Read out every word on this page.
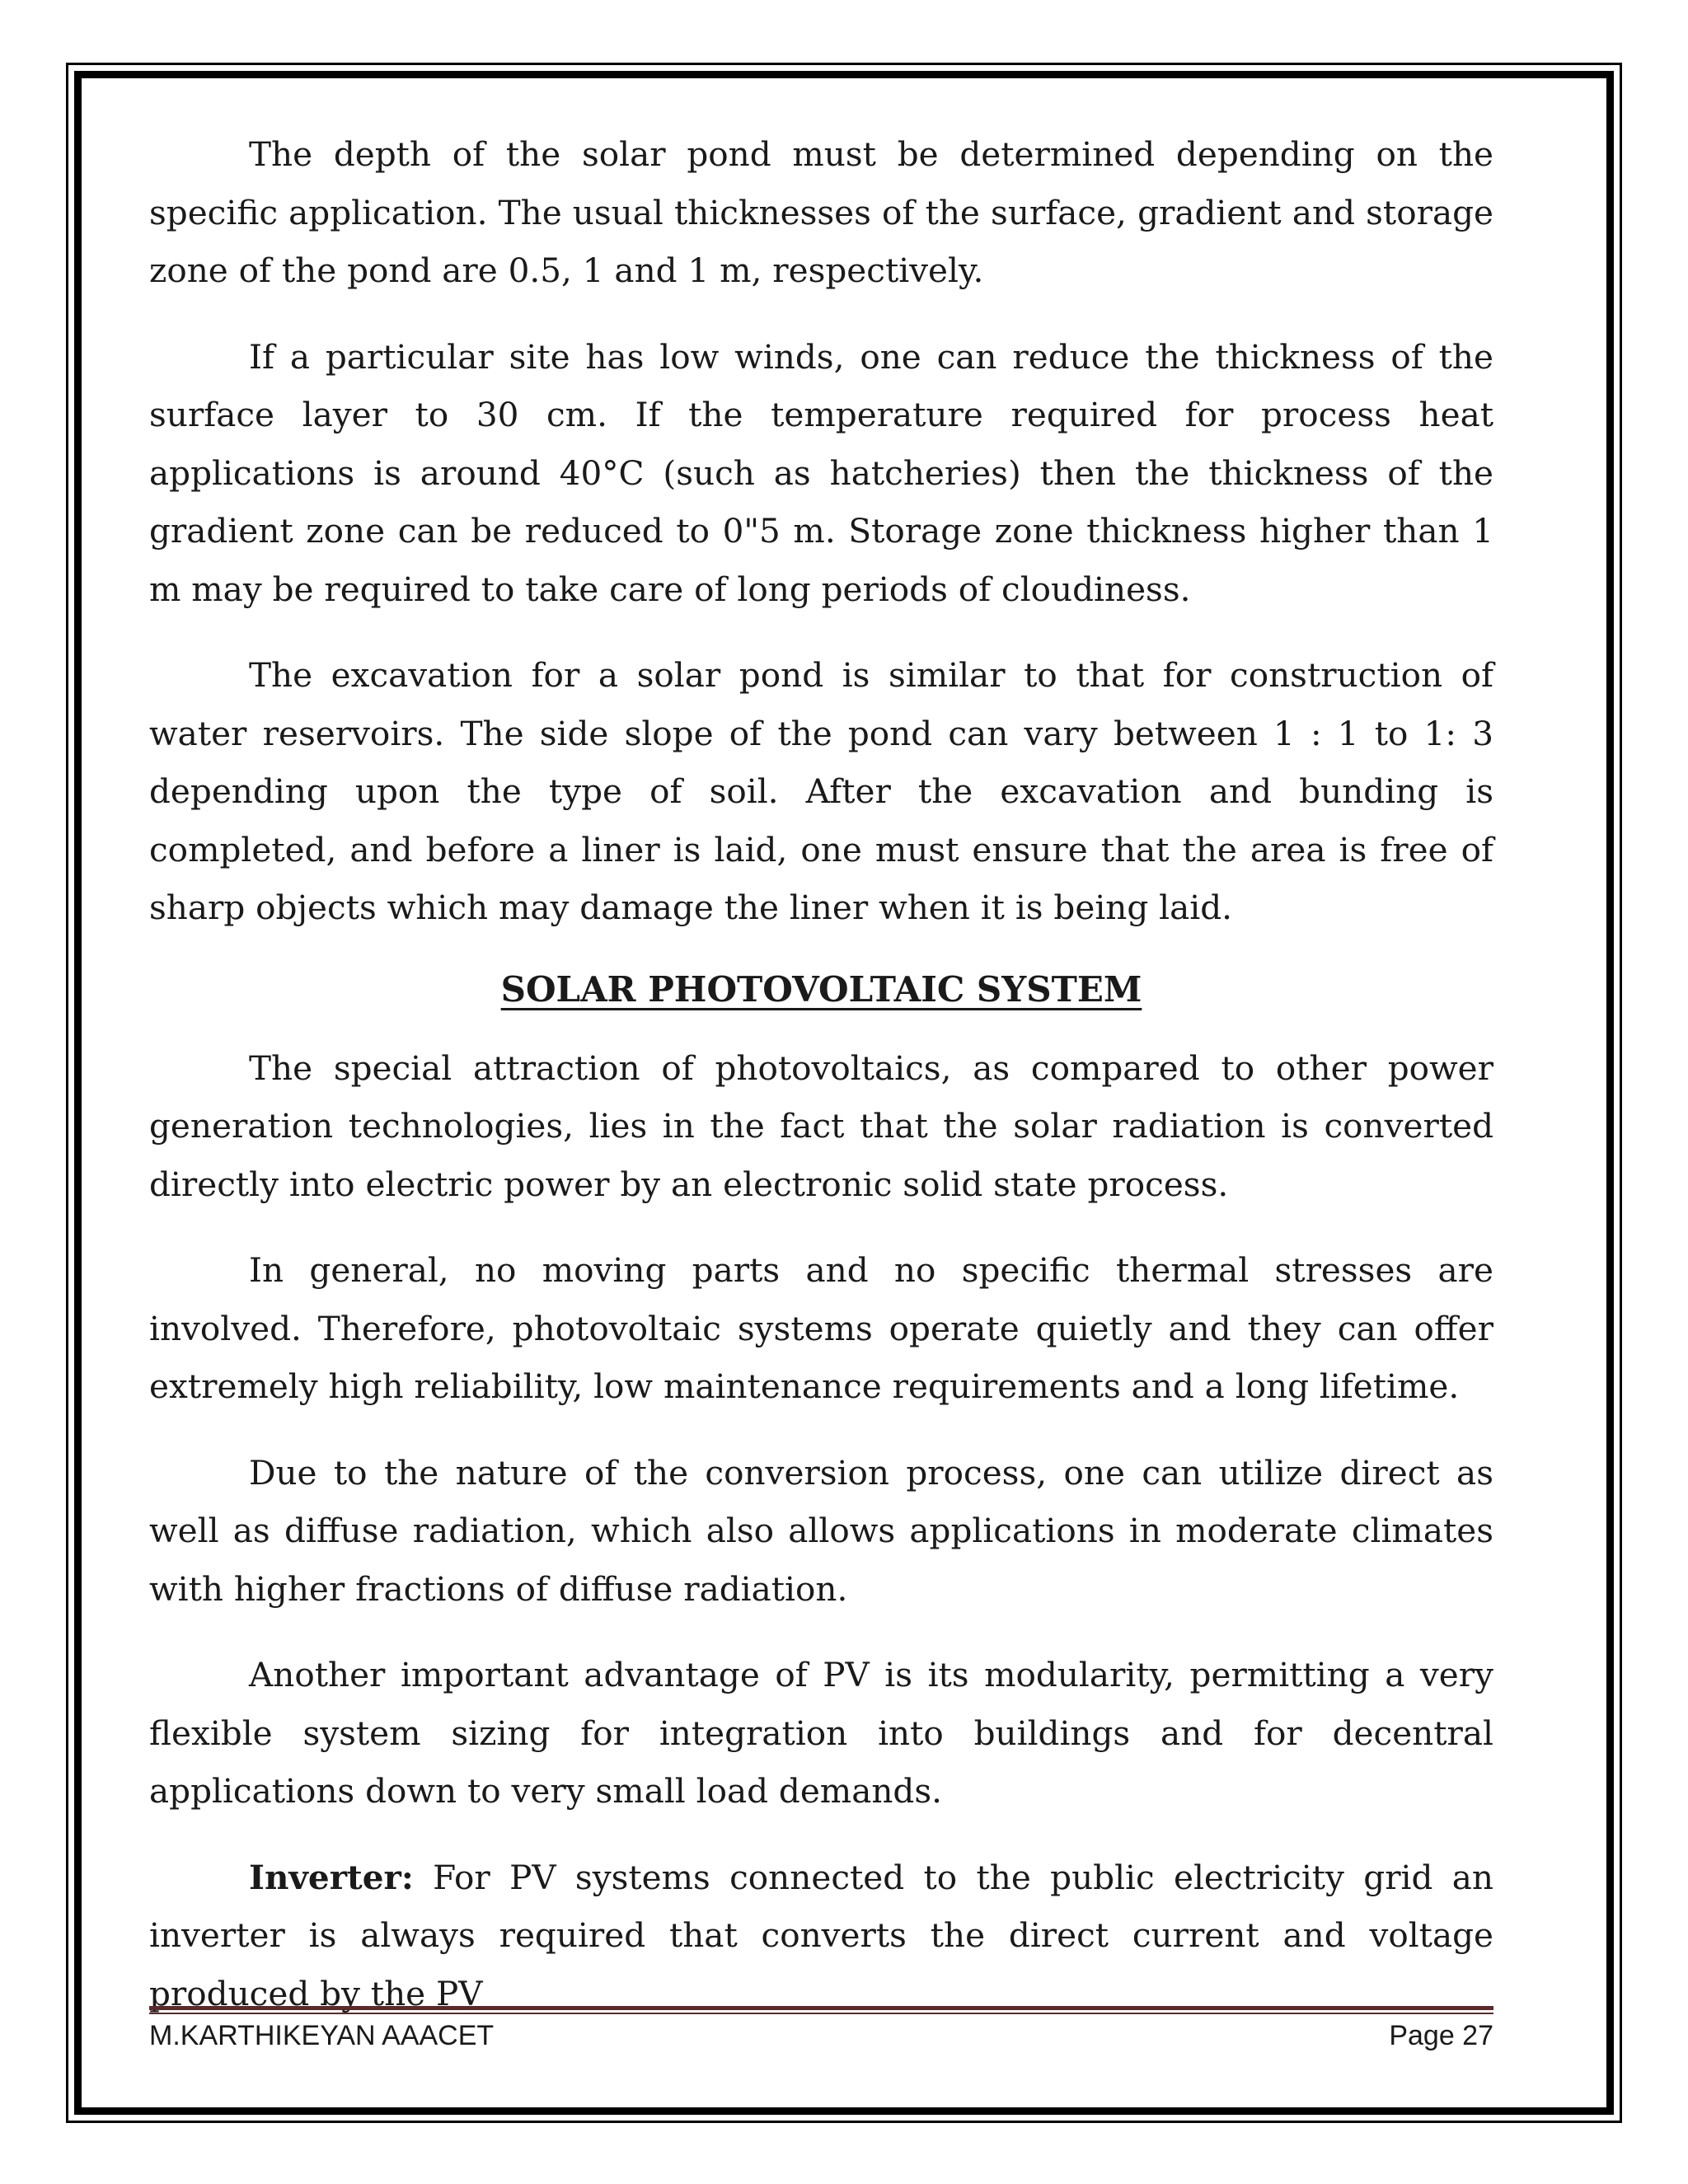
The depth of the solar pond must be determined depending on the specific application. The usual thicknesses of the surface, gradient and storage zone of the pond are 0.5, 1 and 1 m, respectively.

If a particular site has low winds, one can reduce the thickness of the surface layer to 30 cm. If the temperature required for process heat applications is around 40°C (such as hatcheries) then the thickness of the gradient zone can be reduced to 0"5 m. Storage zone thickness higher than 1 m may be required to take care of long periods of cloudiness.

The excavation for a solar pond is similar to that for construction of water reservoirs. The side slope of the pond can vary between 1 : 1 to 1: 3 depending upon the type of soil. After the excavation and bunding is completed, and before a liner is laid, one must ensure that the area is free of sharp objects which may damage the liner when it is being laid.

SOLAR PHOTOVOLTAIC SYSTEM

The special attraction of photovoltaics, as compared to other power generation technologies, lies in the fact that the solar radiation is converted directly into electric power by an electronic solid state process.

In general, no moving parts and no specific thermal stresses are involved. Therefore, photovoltaic systems operate quietly and they can offer extremely high reliability, low maintenance requirements and a long lifetime.

Due to the nature of the conversion process, one can utilize direct as well as diffuse radiation, which also allows applications in moderate climates with higher fractions of diffuse radiation.

Another important advantage of PV is its modularity, permitting a very flexible system sizing for integration into buildings and for decentral applications down to very small load demands.

Inverter: For PV systems connected to the public electricity grid an inverter is always required that converts the direct current and voltage produced by the PV

M.KARTHIKEYAN AAACET	Page 27
